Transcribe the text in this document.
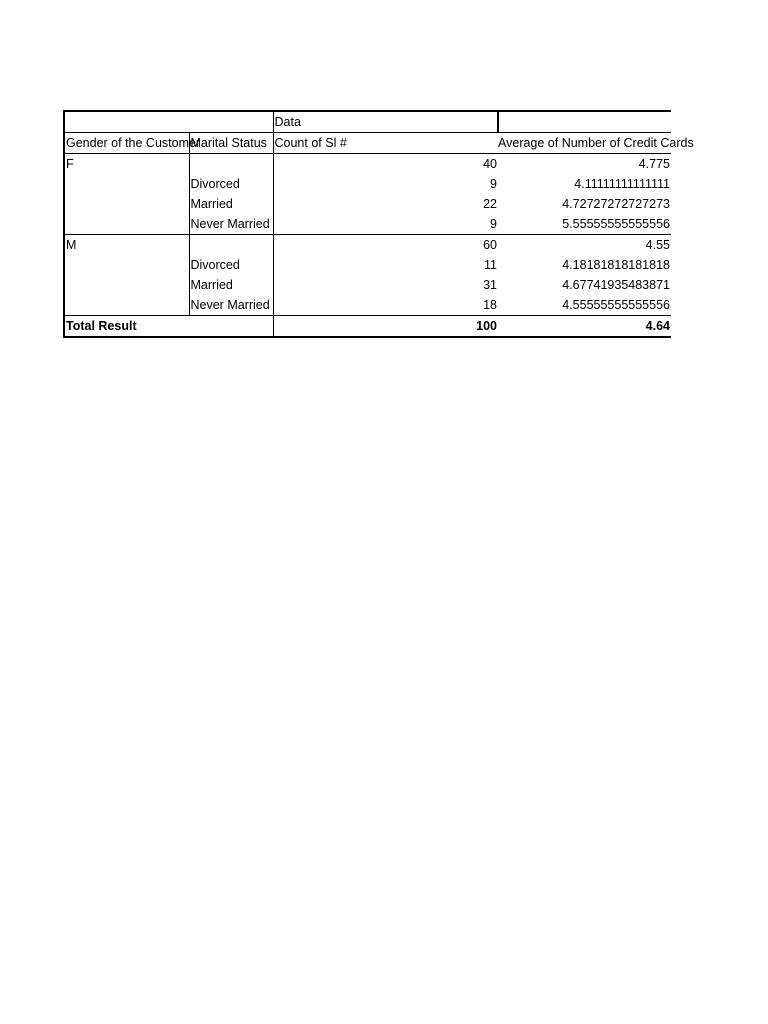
		Data	
Gender of the Customer	Marital Status	Count of Sl #	Average of Number of Credit Cards
F		40	4.775
	Divorced	9	4.11111111111111
	Married	22	4.72727272727273
	Never Married	9	5.55555555555556
M		60	4.55
	Divorced	11	4.18181818181818
	Married	31	4.67741935483871
	Never Married	18	4.55555555555556
Total Result		100	4.64
